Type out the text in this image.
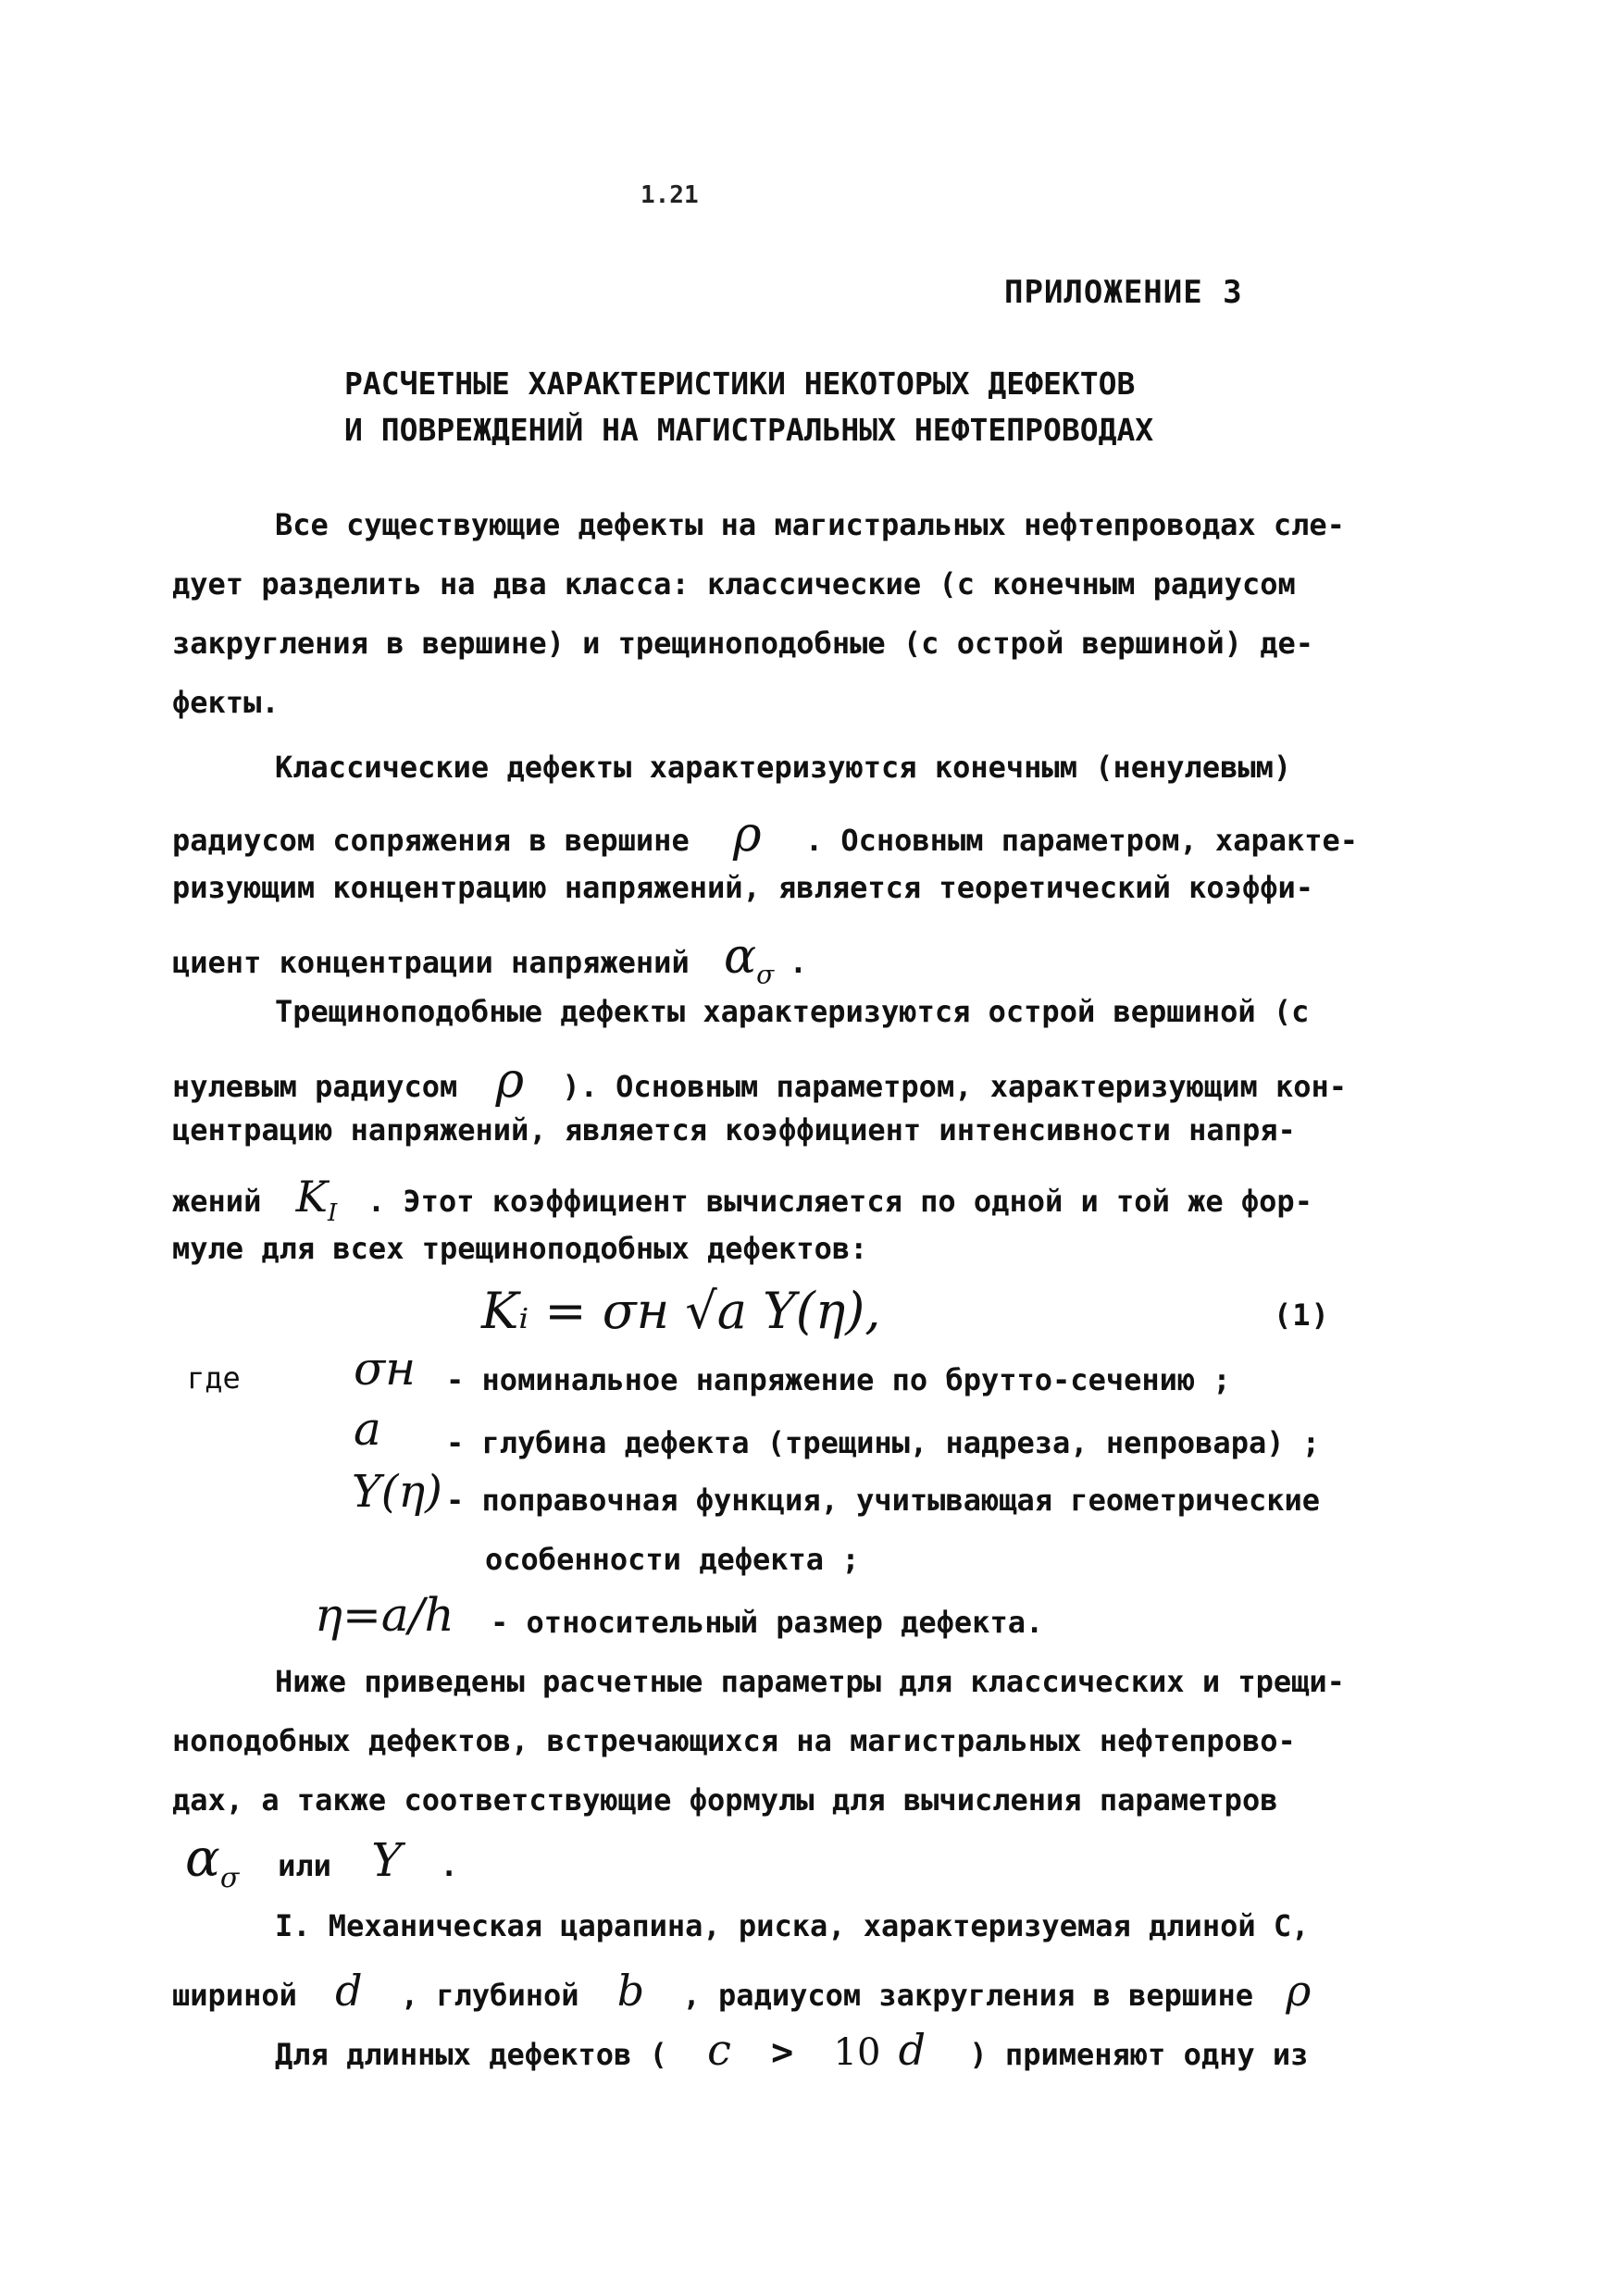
1.21
ПРИЛОЖЕНИЕ 3
РАСЧЕТНЫЕ ХАРАКТЕРИСТИКИ НЕКОТОРЫХ ДЕФЕКТОВ
И ПОВРЕЖДЕНИЙ НА МАГИСТРАЛЬНЫХ НЕФТЕПРОВОДАХ
Все существующие дефекты на магистральных нефтепроводах сле-
дует разделить на два класса: классические (с конечным радиусом
закругления в вершине) и трещиноподобные (с острой вершиной) де-
фекты.
Классические дефекты характеризуются конечным (ненулевым)
радиусом сопряжения в вершине ρ . Основным параметром, характе-
ризующим концентрацию напряжений, является теоретический коэффи-
циент концентрации напряжений $\alpha_\sigma$ .
Трещиноподобные дефекты характеризуются острой вершиной (с
нулевым радиусом ρ ). Основным параметром, характеризующим кон-
центрацию напряжений, является коэффициент интенсивности напря-
жений $K_I$ . Этот коэффициент вычисляется по одной и той же фор-
муле для всех трещиноподобных дефектов:
Kᵢ = σн √a Y(η),	(1)
где σн - номинальное напряжение по брутто-сечению ;
a - глубина дефекта (трещины, надреза, непровара) ;
Y(η) - поправочная функция, учитывающая геометрические
особенности дефекта ;
η=a/h - относительный размер дефекта.
Ниже приведены расчетные параметры для классических и трещи-
ноподобных дефектов, встречающихся на магистральных нефтепрово-
дах, а также соответствующие формулы для вычисления параметров
$\alpha_\sigma$ или Y .
I. Механическая царапина, риска, характеризуемая длиной С,
шириной d , глубиной b , радиусом закругления в вершине ρ
Для длинных дефектов ( c > 10 d ) применяют одну из
